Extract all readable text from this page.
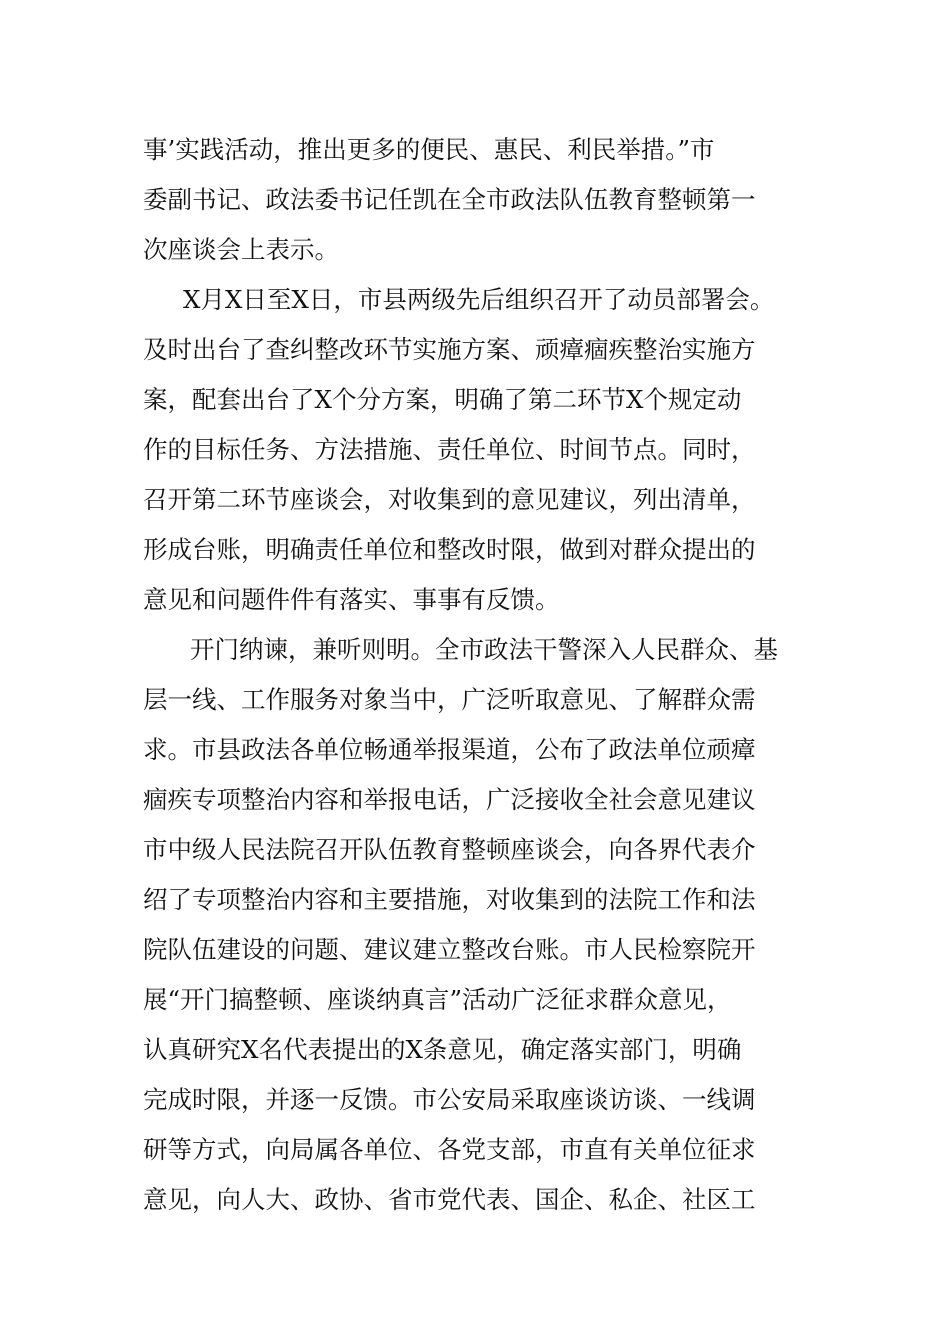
事’实践活动，推出更多的便民、惠民、利民举措。”市
委副书记、政法委书记任凯在全市政法队伍教育整顿第一
次座谈会上表示。
X月X日至X日，市县两级先后组织召开了动员部署会。
及时出台了查纠整改环节实施方案、顽瘴痼疾整治实施方
案，配套出台了X个分方案，明确了第二环节X个规定动
作的目标任务、方法措施、责任单位、时间节点。同时，
召开第二环节座谈会，对收集到的意见建议，列出清单，
形成台账，明确责任单位和整改时限，做到对群众提出的
意见和问题件件有落实、事事有反馈。
开门纳谏，兼听则明。全市政法干警深入人民群众、基
层一线、工作服务对象当中，广泛听取意见、了解群众需
求。市县政法各单位畅通举报渠道，公布了政法单位顽瘴
痼疾专项整治内容和举报电话，广泛接收全社会意见建议
市中级人民法院召开队伍教育整顿座谈会，向各界代表介
绍了专项整治内容和主要措施，对收集到的法院工作和法
院队伍建设的问题、建议建立整改台账。市人民检察院开
展“开门搞整顿、座谈纳真言”活动广泛征求群众意见，
认真研究X名代表提出的X条意见，确定落实部门，明确
完成时限，并逐一反馈。市公安局采取座谈访谈、一线调
研等方式，向局属各单位、各党支部，市直有关单位征求
意见，向人大、政协、省市党代表、国企、私企、社区工
